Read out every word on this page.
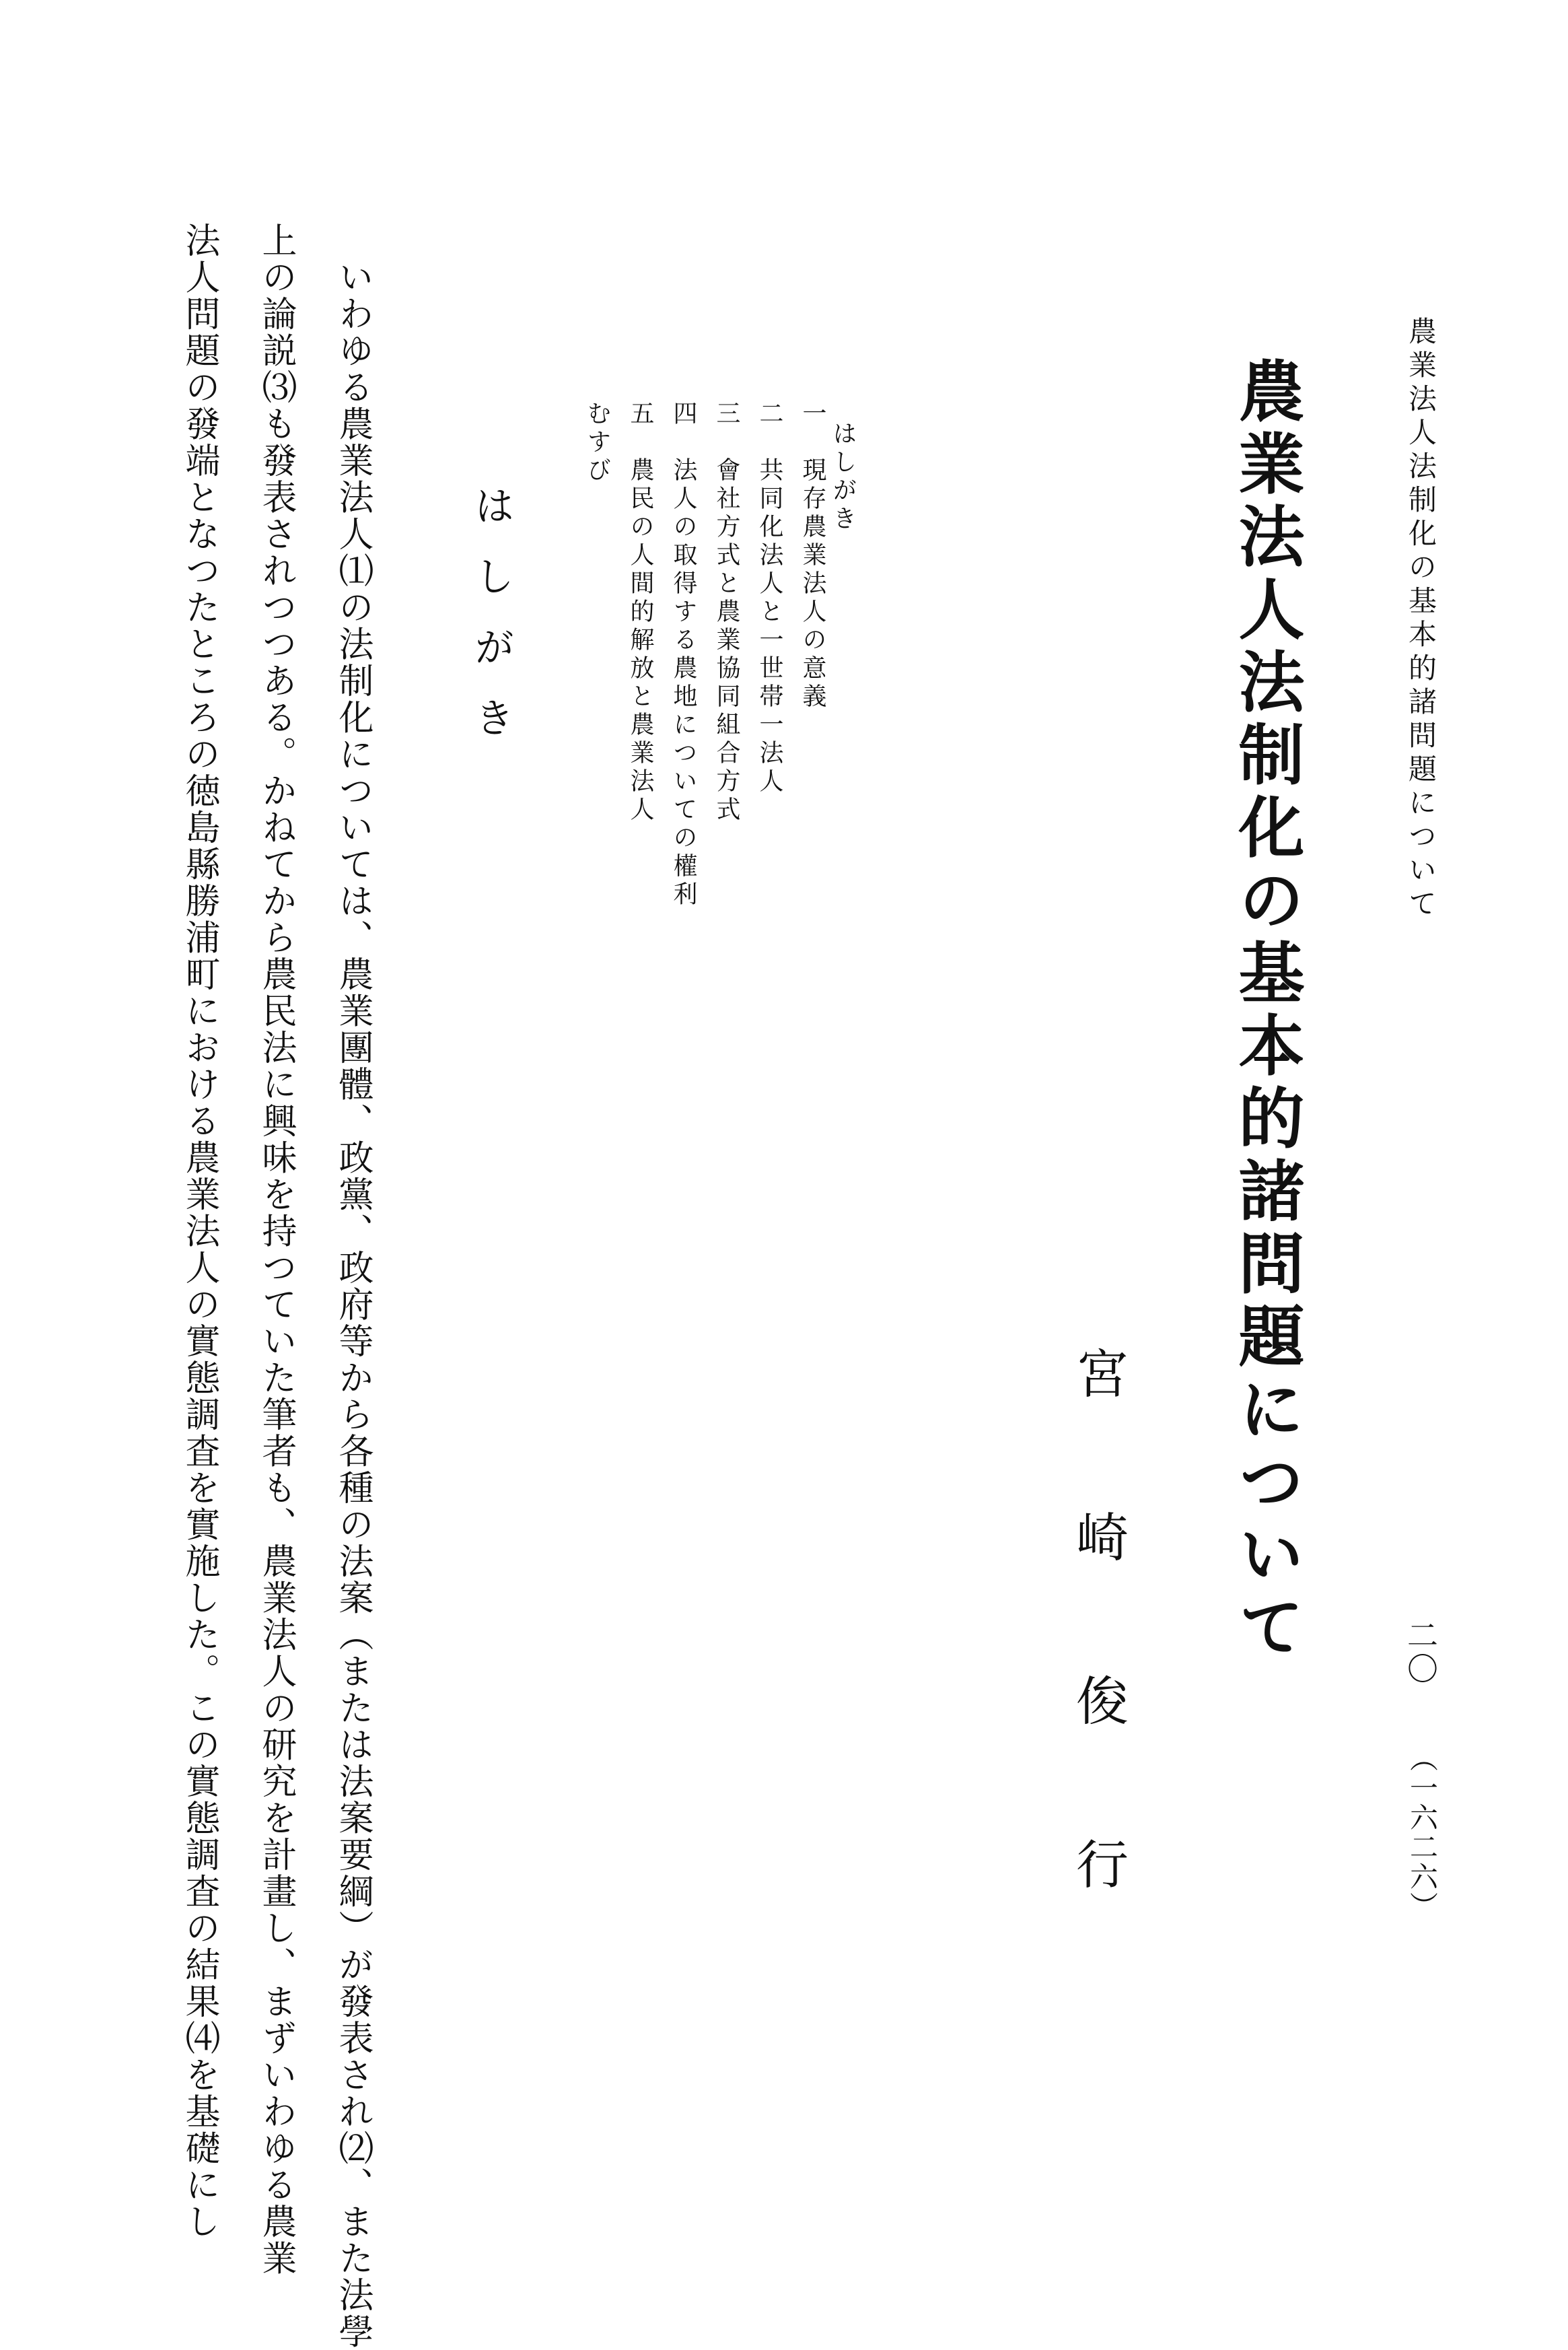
農業法人法制化の基本的諸問題について
二〇
（一六二六）
農業法人法制化の基本的諸問題について
宮崎俊行
はしがき
一現存農業法人の意義
二共同化法人と一世帯一法人
三會社方式と農業協同組合方式
四法人の取得する農地についての權利
五農民の人間的解放と農業法人
むすび
はしがき
　いわゆる農業法人⑴の法制化については、農業團體、政黨、政府等から各種の法案（または法案要綱）が發表され⑵、また法學
上の論説⑶も發表されつつある。かねてから農民法に興味を持つていた筆者も、農業法人の研究を計畫し、まずいわゆる農業
法人問題の發端となつたところの徳島縣勝浦町における農業法人の實態調査を實施した。この實態調査の結果⑷を基礎にし
